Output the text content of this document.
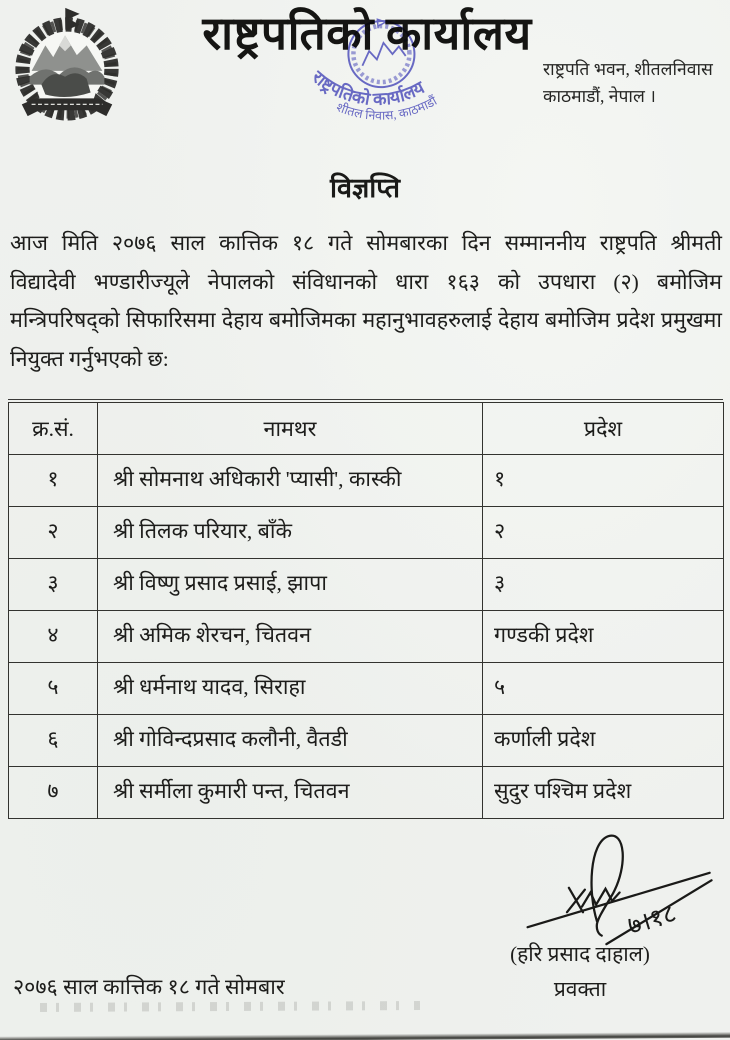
राष्ट्रपतिको कार्यालय
राष्ट्रपतिको कार्यालय
शीतल निवास, काठमाडौं
राष्ट्रपति भवन, शीतलनिवास
काठमाडौं, नेपाल ।
विज्ञप्ति
आज मिति २०७६ साल कात्तिक १८ गते सोमबारका दिन सम्माननीय राष्ट्रपति श्रीमती
विद्यादेवी भण्डारीज्यूले नेपालको संविधानको धारा १६३ को उपधारा (२) बमोजिम
मन्त्रिपरिषद्को सिफारिसमा देहाय बमोजिमका महानुभावहरुलाई देहाय बमोजिम प्रदेश प्रमुखमा
नियुक्त गर्नुभएको छ:
क्र.सं.	नामथर	प्रदेश
१	श्री सोमनाथ अधिकारी 'प्यासी', कास्की	१
२	श्री तिलक परियार, बाँके	२
३	श्री विष्णु प्रसाद प्रसाई, झापा	३
४	श्री अमिक शेरचन, चितवन	गण्डकी प्रदेश
५	श्री धर्मनाथ यादव, सिराहा	५
६	श्री गोविन्दप्रसाद कलौनी, वैतडी	कर्णाली प्रदेश
७	श्री सर्मीला कुमारी पन्त, चितवन	सुदुर पश्चिम प्रदेश
७।१८
(हरि प्रसाद दाहाल)
प्रवक्ता
२०७६ साल कात्तिक १८ गते सोमबार
